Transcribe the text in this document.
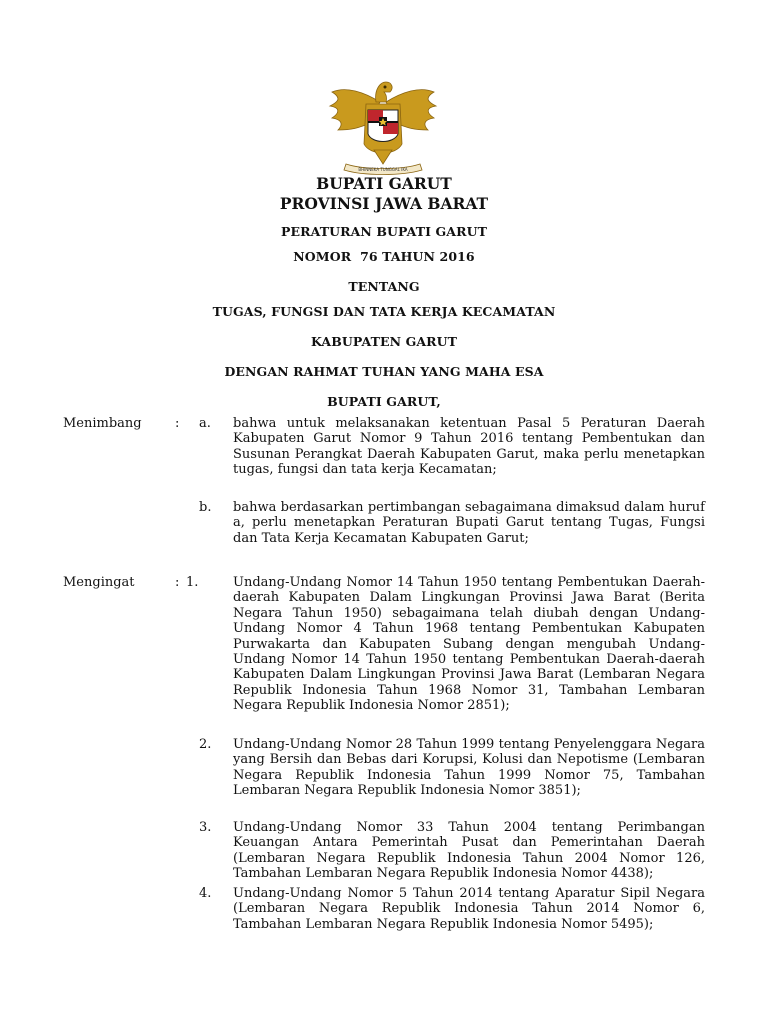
BHINNEKA TUNGGAL IKA
BUPATI GARUT
PROVINSI JAWA BARAT
PERATURAN BUPATI GARUT
NOMOR  76 TAHUN 2016
TENTANG
TUGAS, FUNGSI DAN TATA KERJA KECAMATAN
KABUPATEN GARUT
DENGAN RAHMAT TUHAN YANG MAHA ESA
BUPATI GARUT,
Menimbang	: a. bahwa untuk melaksanakan ketentuan Pasal 5 Peraturan Daerah Kabupaten Garut Nomor 9 Tahun 2016 tentang Pembentukan dan Susunan Perangkat Daerah Kabupaten Garut, maka perlu menetapkan tugas, fungsi dan tata kerja Kecamatan;

b. bahwa berdasarkan pertimbangan sebagaimana dimaksud dalam huruf a, perlu menetapkan Peraturan Bupati Garut tentang Tugas, Fungsi dan Tata Kerja Kecamatan Kabupaten Garut;

Mengingat	: 1.	Undang-Undang Nomor 14 Tahun 1950 tentang Pembentukan Daerah-daerah Kabupaten Dalam Lingkungan Provinsi Jawa Barat (Berita Negara Tahun 1950) sebagaimana telah diubah dengan Undang-Undang Nomor 4 Tahun 1968 tentang Pembentukan Kabupaten Purwakarta dan Kabupaten Subang dengan mengubah Undang-Undang Nomor 14 Tahun 1950 tentang Pembentukan Daerah-daerah Kabupaten Dalam Lingkungan Provinsi Jawa Barat (Lembaran Negara Republik Indonesia Tahun 1968 Nomor 31, Tambahan Lembaran Negara Republik Indonesia Nomor 2851);

2. Undang-Undang Nomor 28 Tahun 1999 tentang Penyelenggara Negara yang Bersih dan Bebas dari Korupsi, Kolusi dan Nepotisme (Lembaran Negara Republik Indonesia Tahun 1999 Nomor 75, Tambahan Lembaran Negara Republik Indonesia Nomor 3851);

3. Undang-Undang Nomor 33 Tahun 2004 tentang Perimbangan Keuangan Antara Pemerintah Pusat dan Pemerintahan Daerah (Lembaran Negara Republik Indonesia Tahun 2004 Nomor 126, Tambahan Lembaran Negara Republik Indonesia Nomor 4438);

4. Undang-Undang Nomor 5 Tahun 2014 tentang Aparatur Sipil Negara (Lembaran Negara Republik Indonesia Tahun 2014 Nomor 6, Tambahan Lembaran Negara Republik Indonesia Nomor 5495);
